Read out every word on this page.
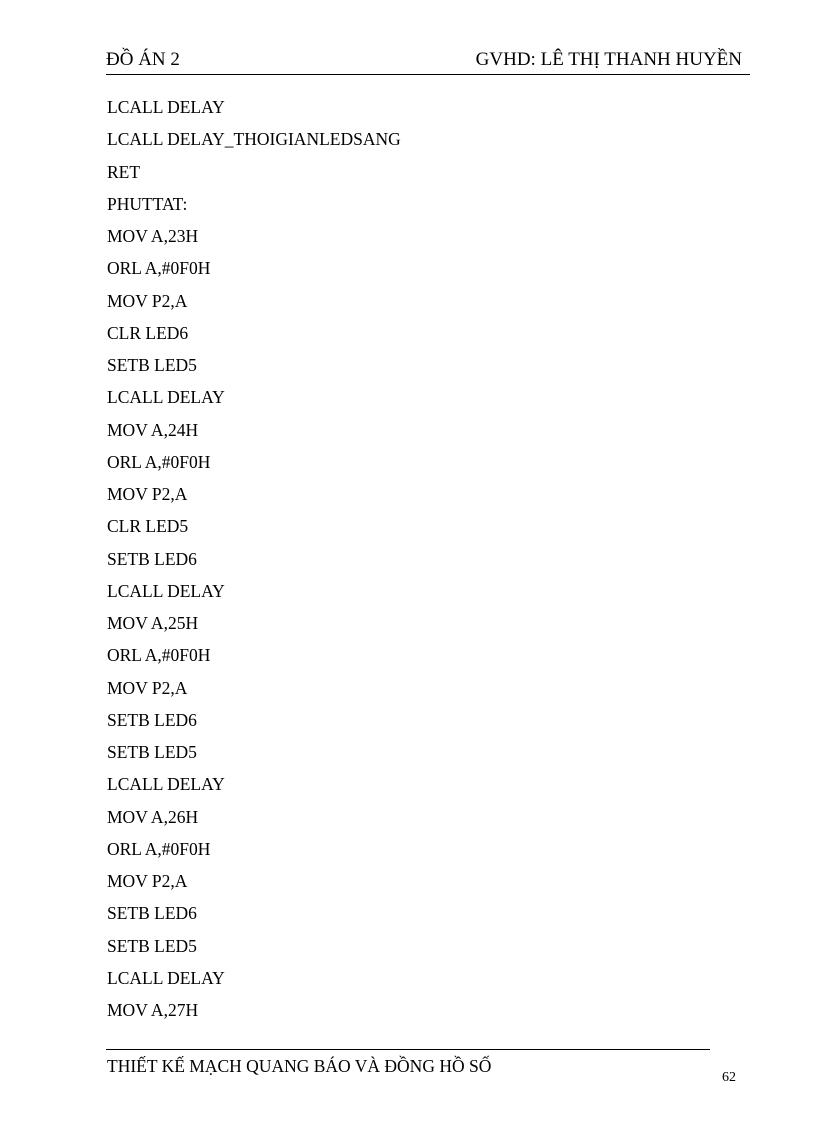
ĐỒ ÁN 2	GVHD: LÊ THỊ THANH HUYỀN
LCALL DELAY
LCALL DELAY_THOIGIANLEDSANG
RET
PHUTTAT:
MOV A,23H
ORL A,#0F0H
MOV P2,A
CLR LED6
SETB LED5
LCALL DELAY
MOV A,24H
ORL A,#0F0H
MOV P2,A
CLR LED5
SETB LED6
LCALL DELAY
MOV A,25H
ORL A,#0F0H
MOV P2,A
SETB LED6
SETB LED5
LCALL DELAY
MOV A,26H
ORL A,#0F0H
MOV P2,A
SETB LED6
SETB LED5
LCALL DELAY
MOV A,27H
THIẾT KẾ MẠCH QUANG BÁO VÀ ĐỒNG HỒ SỐ
62
